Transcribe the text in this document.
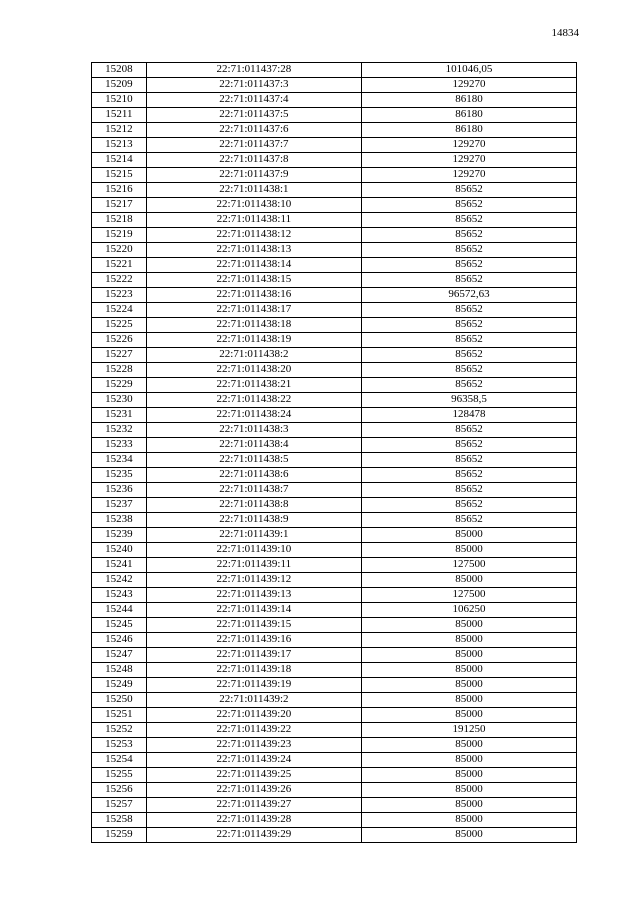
14834
15208	22:71:011437:28	101046,05
15209	22:71:011437:3	129270
15210	22:71:011437:4	86180
15211	22:71:011437:5	86180
15212	22:71:011437:6	86180
15213	22:71:011437:7	129270
15214	22:71:011437:8	129270
15215	22:71:011437:9	129270
15216	22:71:011438:1	85652
15217	22:71:011438:10	85652
15218	22:71:011438:11	85652
15219	22:71:011438:12	85652
15220	22:71:011438:13	85652
15221	22:71:011438:14	85652
15222	22:71:011438:15	85652
15223	22:71:011438:16	96572,63
15224	22:71:011438:17	85652
15225	22:71:011438:18	85652
15226	22:71:011438:19	85652
15227	22:71:011438:2	85652
15228	22:71:011438:20	85652
15229	22:71:011438:21	85652
15230	22:71:011438:22	96358,5
15231	22:71:011438:24	128478
15232	22:71:011438:3	85652
15233	22:71:011438:4	85652
15234	22:71:011438:5	85652
15235	22:71:011438:6	85652
15236	22:71:011438:7	85652
15237	22:71:011438:8	85652
15238	22:71:011438:9	85652
15239	22:71:011439:1	85000
15240	22:71:011439:10	85000
15241	22:71:011439:11	127500
15242	22:71:011439:12	85000
15243	22:71:011439:13	127500
15244	22:71:011439:14	106250
15245	22:71:011439:15	85000
15246	22:71:011439:16	85000
15247	22:71:011439:17	85000
15248	22:71:011439:18	85000
15249	22:71:011439:19	85000
15250	22:71:011439:2	85000
15251	22:71:011439:20	85000
15252	22:71:011439:22	191250
15253	22:71:011439:23	85000
15254	22:71:011439:24	85000
15255	22:71:011439:25	85000
15256	22:71:011439:26	85000
15257	22:71:011439:27	85000
15258	22:71:011439:28	85000
15259	22:71:011439:29	85000
